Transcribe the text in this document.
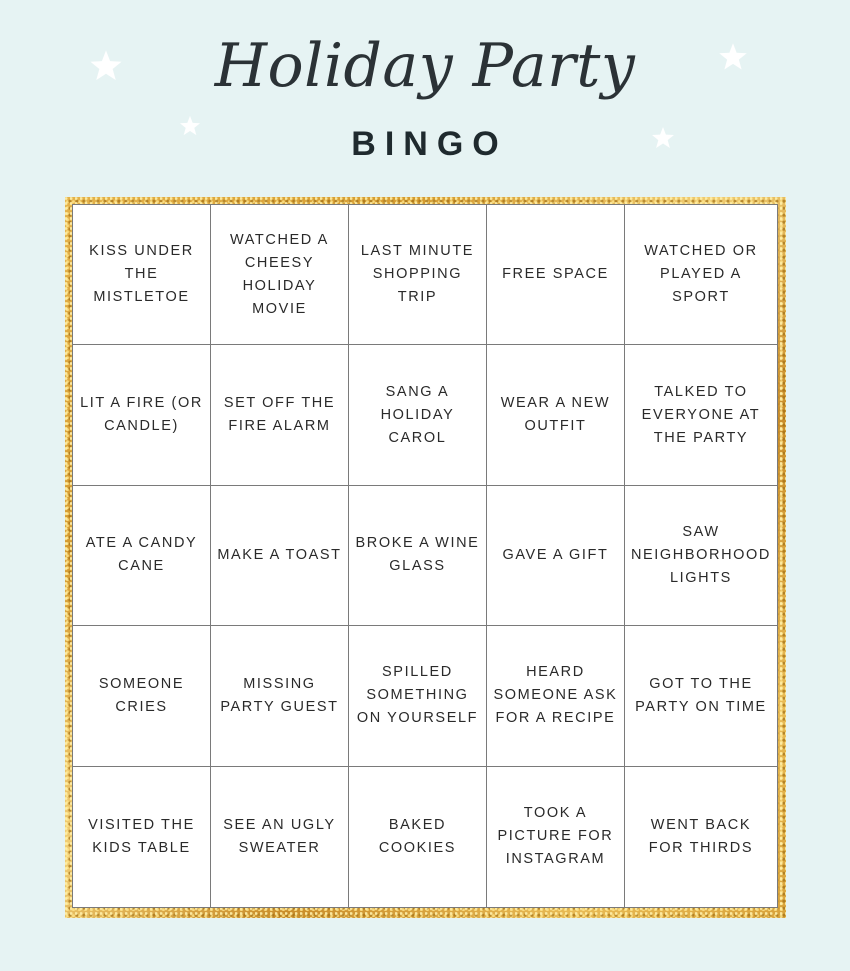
Holiday Party
BINGO
KISS UNDER THE MISTLETOE
WATCHED A CHEESY HOLIDAY MOVIE
LAST MINUTE SHOPPING TRIP
FREE SPACE
WATCHED OR PLAYED A SPORT
LIT A FIRE (OR CANDLE)
SET OFF THE FIRE ALARM
SANG A HOLIDAY CAROL
WEAR A NEW OUTFIT
TALKED TO EVERYONE AT THE PARTY
ATE A CANDY CANE
MAKE A TOAST
BROKE A WINE GLASS
GAVE A GIFT
SAW NEIGHBORHOOD LIGHTS
SOMEONE CRIES
MISSING PARTY GUEST
SPILLED SOMETHING ON YOURSELF
HEARD SOMEONE ASK FOR A RECIPE
GOT TO THE PARTY ON TIME
VISITED THE KIDS TABLE
SEE AN UGLY SWEATER
BAKED COOKIES
TOOK A PICTURE FOR INSTAGRAM
WENT BACK FOR THIRDS
